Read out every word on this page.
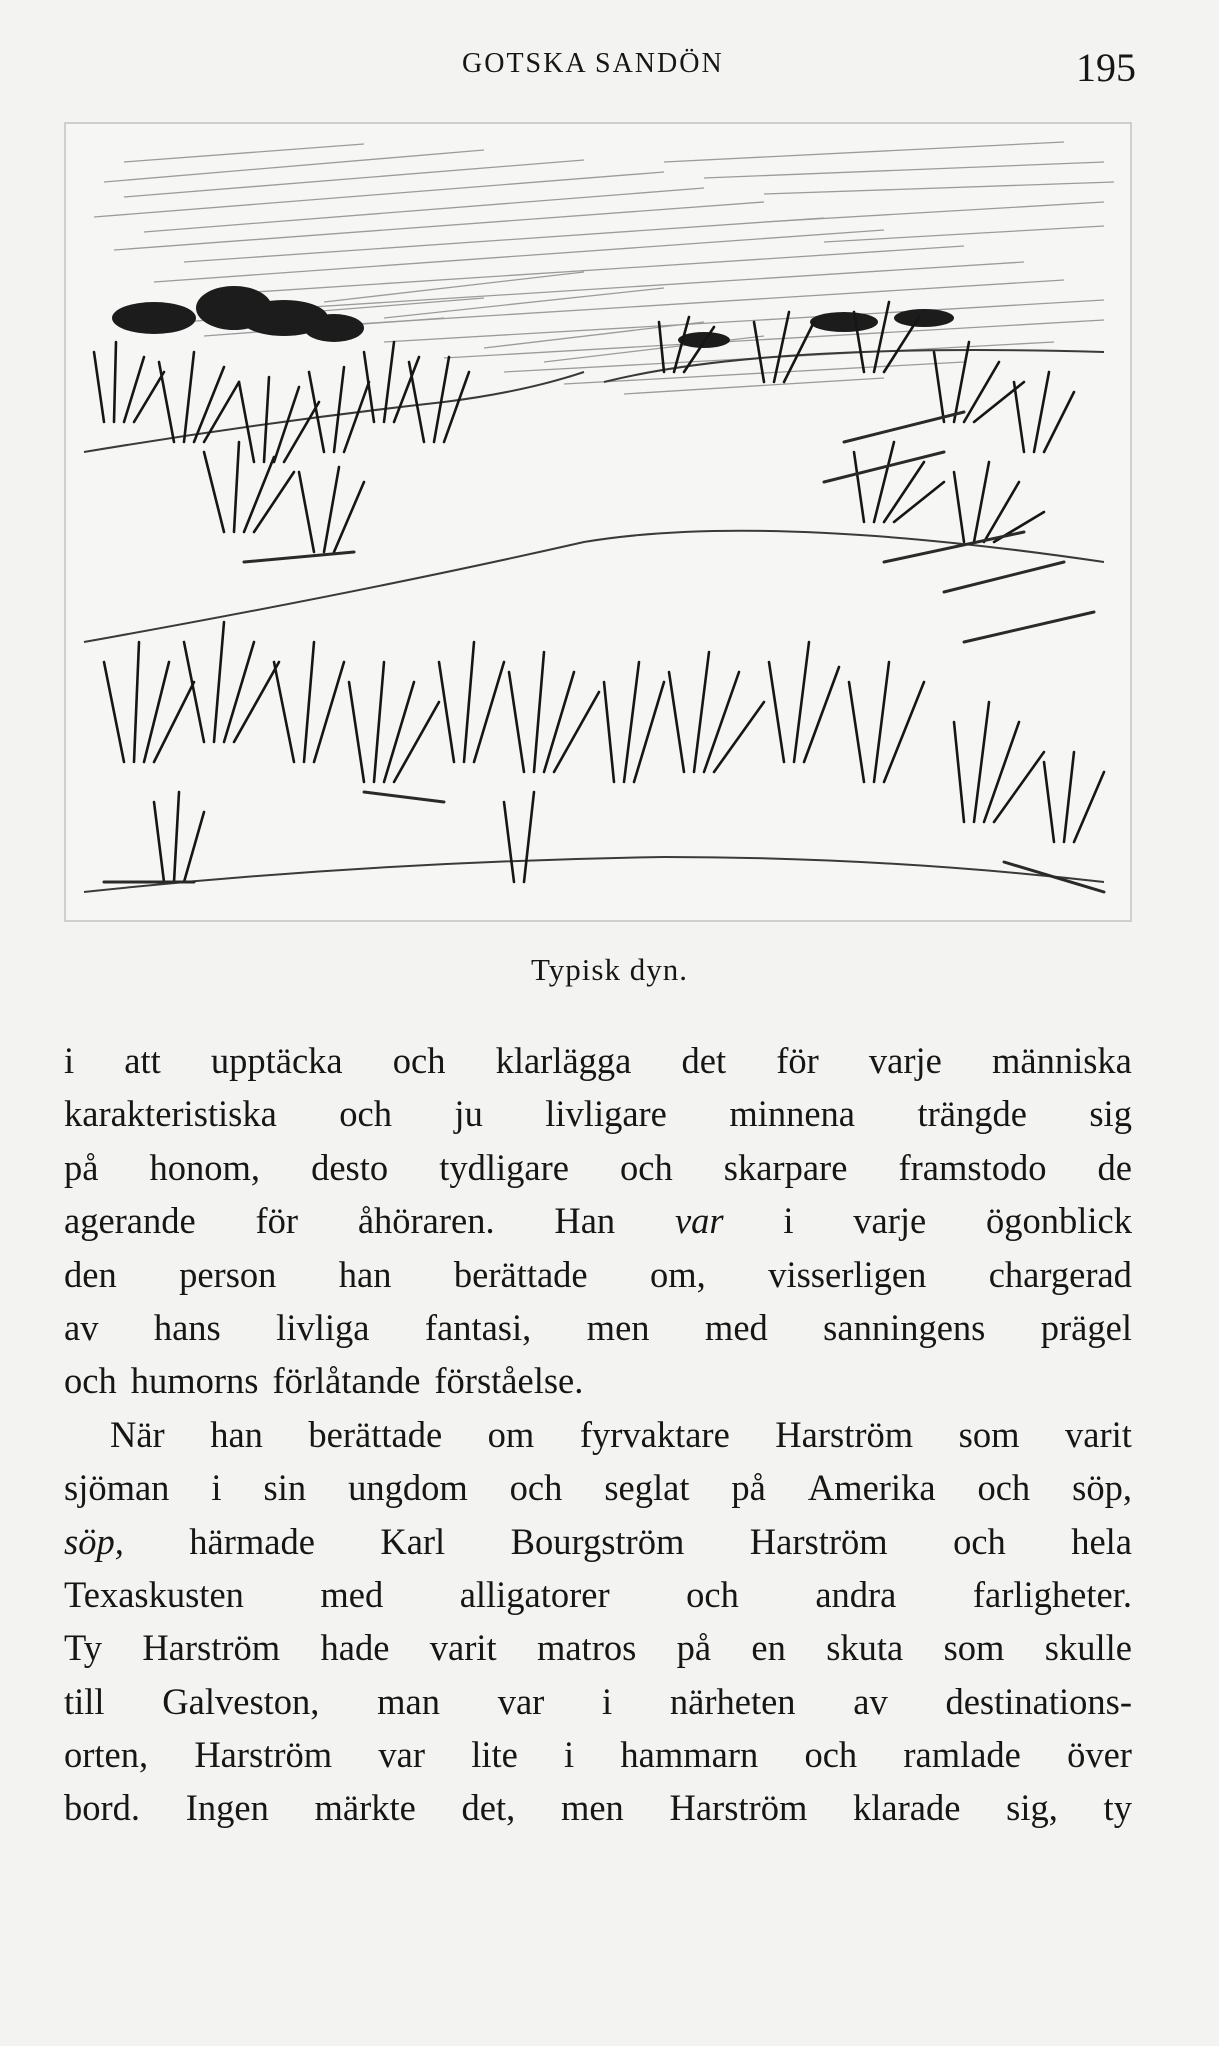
GOTSKA SANDÖN	195
Typisk dyn.
i att upptäcka och klarlägga det för varje människa
karakteristiska och ju livligare minnena trängde sig
på honom, desto tydligare och skarpare framstodo de
agerande för åhöraren. Han var i varje ögonblick
den person han berättade om, visserligen chargerad
av hans livliga fantasi, men med sanningens prägel
och humorns förlåtande förståelse.
När han berättade om fyrvaktare Harström som varit
sjöman i sin ungdom och seglat på Amerika och söp,
söp, härmade Karl Bourgström Harström och hela
Texaskusten med alligatorer och andra farligheter.
Ty Harström hade varit matros på en skuta som skulle
till Galveston, man var i närheten av destinations-
orten, Harström var lite i hammarn och ramlade över
bord. Ingen märkte det, men Harström klarade sig, ty
